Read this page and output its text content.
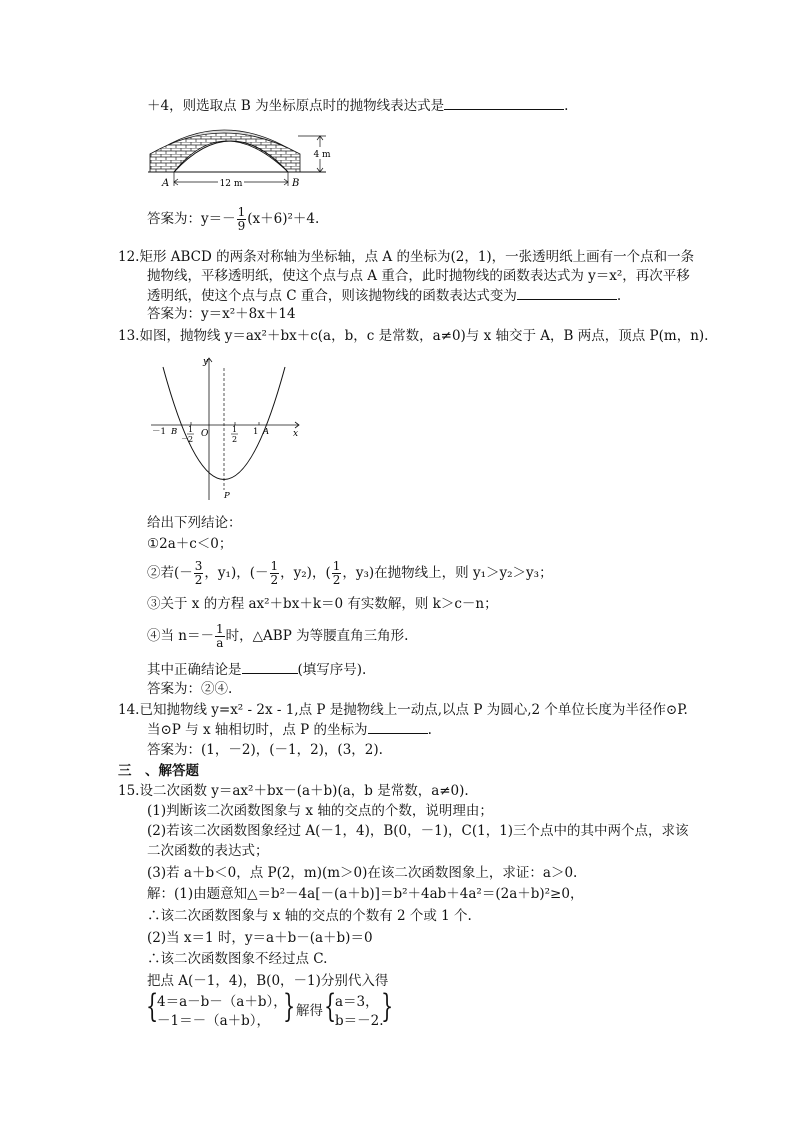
＋4，则选取点 B 为坐标原点时的抛物线表达式是	.
4 m
12 m
A	B
答案为：$y=- \frac{1}{9} (x+6)^2+4$.
12.矩形 ABCD 的两条对称轴为坐标轴，点 A 的坐标为(2，1)，一张透明纸上画有一个点和一条
抛物线，平移透明纸，使这个点与点 A 重合，此时抛物线的函数表达式为 y＝x²，再次平移
透明纸，使这个点与点 C 重合，则该抛物线的函数表达式变为	.
答案为：y＝x²＋8x＋14
13.如图，抛物线 y＝ax²＋bx＋c(a，b，c 是常数，a≠0)与 x 轴交于 A，B 两点，顶点 P(m，n).
y
x
O
－1 B	A
1
P
－
1
2
1
2
给出下列结论：
①2a＋c＜0；
②若(－ $\frac{3}{2}$ ，y₁)，(－ $\frac{1}{2}$ ，y₂)，( $\frac{1}{2}$ ，y₃)在抛物线上，则 y₁＞y₂＞y₃；
③关于 x 的方程 ax²＋bx＋k＝0 有实数解，则 k＞c－n；
④当 $n=- \frac{1}{a}$ 时，△ABP 为等腰直角三角形.
其中正确结论是	(填写序号).
答案为：②④.
14.已知抛物线 y=x² - 2x - 1,点 P 是抛物线上一动点,以点 P 为圆心,2 个单位长度为半径作⊙P.
当⊙P 与 x 轴相切时，点 P 的坐标为	.
答案为：(1，－2)，(－1，2)，(3，2).
三　、解答题
15.设二次函数 y＝ax²＋bx－(a＋b)(a，b 是常数，a≠0).
(1)判断该二次函数图象与 x 轴的交点的个数，说明理由；
(2)若该二次函数图象经过 A(－1，4)，B(0，－1)，C(1，1)三个点中的其中两个点，求该
二次函数的表达式；
(3)若 a＋b＜0，点 P(2，m)(m＞0)在该二次函数图象上，求证：a＞0.
解：(1)由题意知△＝b²－4a[－(a＋b)]＝b²＋4ab＋4a²＝(2a＋b)²≥0，
∴该二次函数图象与 x 轴的交点的个数有 2 个或 1 个.
(2)当 x＝1 时，y＝a＋b－(a＋b)＝0
∴该二次函数图象不经过点 C.
把点 A(－1，4)，B(0，－1)分别代入得
{
4＝a－b－（a＋b），
－1＝－（a＋b）， } 解得 {
a＝3，
b＝－2.
}
